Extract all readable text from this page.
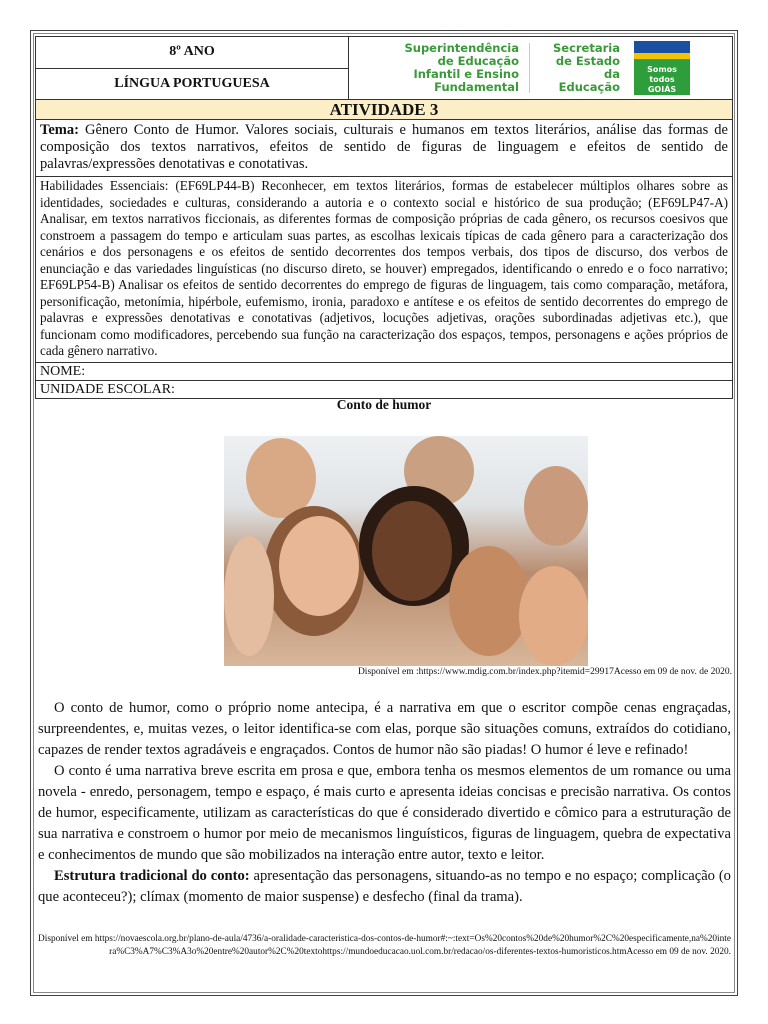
8º ANO
LÍNGUA PORTUGUESA
Superintendência de Educação Infantil e Ensino Fundamental
Secretaria de Estado da Educação
Somos todos GOIÁS
ATIVIDADE 3
Tema: Gênero Conto de Humor. Valores sociais, culturais e humanos em textos literários, análise das formas de composição dos textos narrativos, efeitos de sentido de figuras de linguagem e efeitos de sentido de palavras/expressões denotativas e conotativas.
Habilidades Essenciais: (EF69LP44-B) Reconhecer, em textos literários, formas de estabelecer múltiplos olhares sobre as identidades, sociedades e culturas, considerando a autoria e o contexto social e histórico de sua produção; (EF69LP47-A) Analisar, em textos narrativos ficcionais, as diferentes formas de composição próprias de cada gênero, os recursos coesivos que constroem a passagem do tempo e articulam suas partes, as escolhas lexicais típicas de cada gênero para a caracterização dos cenários e dos personagens e os efeitos de sentido decorrentes dos tempos verbais, dos tipos de discurso, dos verbos de enunciação e das variedades linguísticas (no discurso direto, se houver) empregados, identificando o enredo e o foco narrativo; EF69LP54-B) Analisar os efeitos de sentido decorrentes do emprego de figuras de linguagem, tais como comparação, metáfora, personificação, metonímia, hipérbole, eufemismo, ironia, paradoxo e antítese e os efeitos de sentido decorrentes do emprego de palavras e expressões denotativas e conotativas (adjetivos, locuções adjetivas, orações subordinadas adjetivas etc.), que funcionam como modificadores, percebendo sua função na caracterização dos espaços, tempos, personagens e ações próprios de cada gênero narrativo.
NOME:
UNIDADE ESCOLAR:
Conto de humor
Disponível em :https://www.mdig.com.br/index.php?itemid=29917Acesso em 09 de nov. de 2020.

O conto de humor, como o próprio nome antecipa, é a narrativa em que o escritor compõe cenas engraçadas, surpreendentes, e, muitas vezes, o leitor identifica-se com elas, porque são situações comuns, extraídos do cotidiano, capazes de render textos agradáveis e engraçados. Contos de humor não são piadas! O humor é leve e refinado!

O conto é uma narrativa breve escrita em prosa e que, embora tenha os mesmos elementos de um romance ou uma novela - enredo, personagem, tempo e espaço, é mais curto e apresenta ideias concisas e precisão narrativa. Os contos de humor, especificamente, utilizam as características do que é considerado divertido e cômico para a estruturação de sua narrativa e constroem o humor por meio de mecanismos linguísticos, figuras de linguagem, quebra de expectativa e conhecimentos de mundo que são mobilizados na interação entre autor, texto e leitor.

Estrutura tradicional do conto: apresentação das personagens, situando-as no tempo e no espaço; complicação (o que aconteceu?); clímax (momento de maior suspense) e desfecho (final da trama).

Disponível em https://novaescola.org.br/plano-de-aula/4736/a-oralidade-caracteristica-dos-contos-de-humor#:~:text=Os%20contos%20de%20humor%2C%20especificamente,na%20intera%C3%A7%C3%A3o%20entre%20autor%2C%20textohttps://mundoeducacao.uol.com.br/redacao/os-diferentes-textos-humoristicos.htmAcesso em 09 de nov. 2020.
